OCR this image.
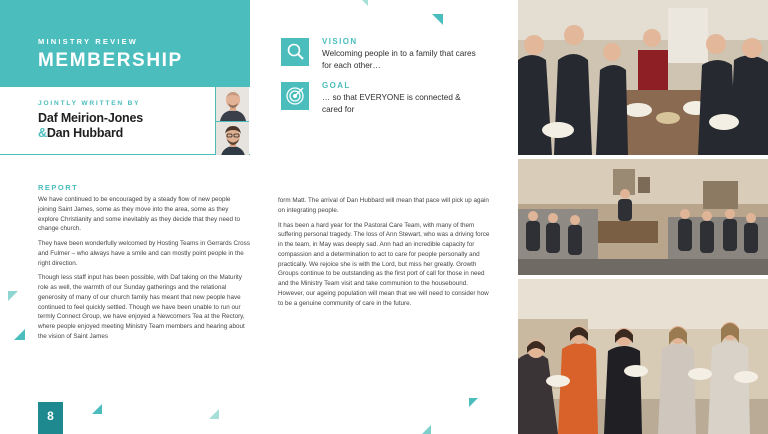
MINISTRY REVIEW
MEMBERSHIP
JOINTLY WRITTEN BY
Daf Meirion-Jones
&Dan Hubbard
VISION
Welcoming people in to a family that cares for each other…
GOAL
… so that EVERYONE is connected & cared for
REPORT

We have continued to be encouraged by a steady flow of new people joining Saint James, some as they move into the area, some as they explore Christianity and some inevitably as they decide that they need to change church.

They have been wonderfully welcomed by Hosting Teams in Gerrards Cross and Fulmer – who always have a smile and can mostly point people in the right direction.

Though less staff input has been possible, with Daf taking on the Maturity role as well, the warmth of our Sunday gatherings and the relational generosity of many of our church family has meant that new people have continued to feel quickly settled. Though we have been unable to run our termly Connect Group, we have enjoyed a Newcomers Tea at the Rectory, where people enjoyed meeting Ministry Team members and hearing about the vision of Saint James

form Matt. The arrival of Dan Hubbard will mean that pace will pick up again on integrating people.

It has been a hard year for the Pastoral Care Team, with many of them suffering personal tragedy. The loss of Ann Stewart, who was a driving force in the team, in May was deeply sad. Ann had an incredible capacity for compassion and a determination to act to care for people personally and practically. We rejoice she is with the Lord, but miss her greatly. Growth Groups continue to be outstanding as the first port of call for those in need and the Ministry Team visit and take communion to the housebound. However, our ageing population will mean that we will need to consider how to be a genuine community of care in the future.

8
